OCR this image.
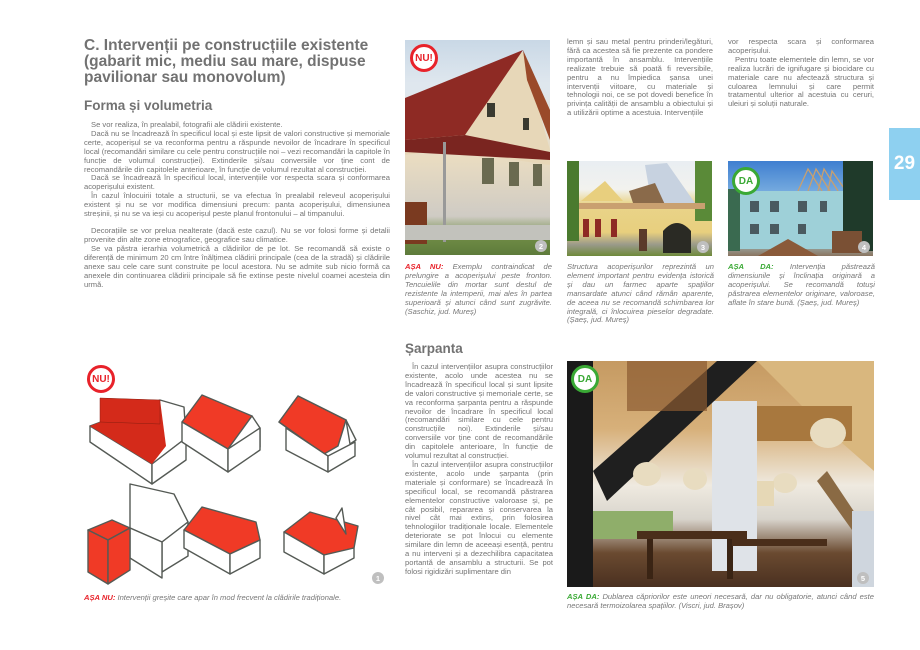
C. Intervenții pe construcțiile existente (gabarit mic, mediu sau mare, dispuse pavilionar sau monovolum)
Forma și volumetria

Se vor realiza, în prealabil, fotografii ale clădirii existente.

Dacă nu se încadrează în specificul local și este lipsit de valori constructive și memoriale certe, acoperișul se va reconforma pentru a răspunde nevoilor de încadrare în specificul local (recomandări similare cu cele pentru construcțiile noi – vezi recomandări la capitole în funcție de volumul construcției). Extinderile și/sau conversiile vor ține cont de recomandările din capitolele anterioare, în funcție de volumul rezultat al construcției.

Dacă se încadrează în specificul local, intervențiile vor respecta scara și conformarea acoperișului existent.

În cazul înlocuirii totale a structurii, se va efectua în prealabil releveul acoperișului existent și nu se vor modifica dimensiuni precum: panta acoperișului, dimensiunea streșinii, și nu se va ieși cu acoperișul peste planul frontonului – al timpanului.

Decorațiile se vor prelua nealterate (dacă este cazul). Nu se vor folosi forme și detalii provenite din alte zone etnografice, geografice sau climatice.

Se va păstra ierarhia volumetrică a clădirilor de pe lot. Se recomandă să existe o diferență de minimum 20 cm între înălțimea clădirii principale (cea de la stradă) și clădirile anexe sau cele care sunt construite pe locul acestora. Nu se admite sub nicio formă ca anexele din continuarea clădirii principale să fie extinse peste nivelul coamei acesteia din urmă.

NU!
1
AȘA NU: Intervenții greșite care apar în mod frecvent la clădirile tradiționale.
NU!
2
AȘA NU: Exemplu contraindicat de prelungire a acoperișului peste fronton. Tencuielile din mortar sunt destul de rezistente la intemperii, mai ales în partea superioară și atunci când sunt zugrăvite. (Saschiz, jud. Mureș)

lemn și sau metal pentru prinderi/legături, fără ca acestea să fie prezente ca pondere importantă în ansamblu. Intervențiile realizate trebuie să poată fi reversibile, pentru a nu împiedica șansa unei intervenții viitoare, cu materiale și tehnologii noi, ce se pot dovedi benefice în privința calității de ansamblu a obiectului și a utilizării optime a acestuia. Intervențiile

vor respecta scara și conformarea acoperișului.

Pentru toate elementele din lemn, se vor realiza lucrări de ignifugare și biocidare cu materiale care nu afectează structura și culoarea lemnului și care permit tratamentul ulterior al acestuia cu ceruri, uleiuri și soluții naturale.

29
3
Structura acoperișurilor reprezintă un element important pentru evidența istorică și dau un farmec aparte spațiilor mansardate atunci când rămân aparente, de aceea nu se recomandă schimbarea lor integrală, ci înlocuirea pieselor degradate. (Șaeș, jud. Mureș)
DA
4
AȘA DA: Intervenția păstrează dimensiunile și înclinația originară a acoperișului. Se recomandă totuși păstrarea elementelor originare, valoroase, aflate în stare bună. (Șaeș, jud. Mureș)
Șarpanta

În cazul intervențiilor asupra construcțiilor existente, acolo unde acestea nu se încadrează în specificul local și sunt lipsite de valori constructive și memoriale certe, se va reconforma șarpanta pentru a răspunde nevoilor de încadrare în specificul local (recomandări similare cu cele pentru construcțiile noi). Extinderile și/sau conversiile vor ține cont de recomandările din capitolele anterioare, în funcție de volumul rezultat al construcției.

În cazul intervențiilor asupra construcțiilor existente, acolo unde șarpanta (prin materiale și conformare) se încadrează în specificul local, se recomandă păstrarea elementelor constructive valoroase și, pe cât posibil, repararea și conservarea la nivel cât mai extins, prin folosirea tehnologiilor tradiționale locale. Elementele deteriorate se pot înlocui cu elemente similare din lemn de aceeași esență, pentru a nu interveni și a dezechilibra capacitatea portantă de ansamblu a structurii. Se pot folosi rigidizări suplimentare din

DA
5
AȘA DA: Dublarea căpriorilor este uneori necesară, dar nu obligatorie, atunci când este necesară termoizolarea spațiilor. (Viscri, jud. Brașov)
